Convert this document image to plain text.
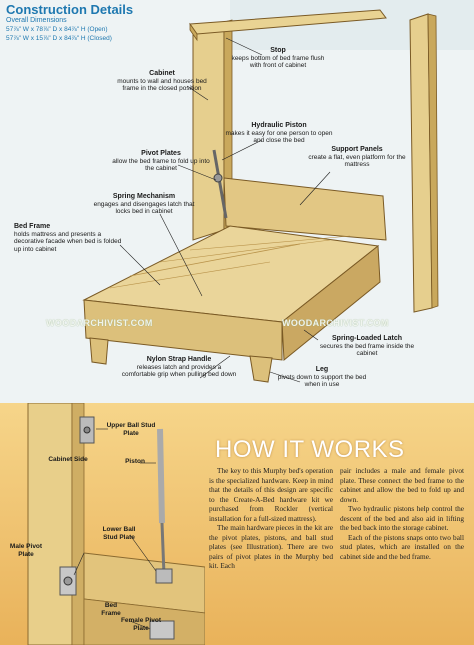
Construction Details
Overall Dimensions
57⅞" W x 78⅞" D x 84⅞" H (Open)
57⅞" W x 15⅞" D x 84⅞" H (Closed)
WOODARCHIVIST.COM	WOODARCHIVIST.COM
Stop
keeps bottom of bed frame flush with front of cabinet
Cabinet
mounts to wall and houses bed frame in the closed position
Hydraulic Piston
makes it easy for one person to open and close the bed
Pivot Plates
allow the bed frame to fold up into the cabinet
Support Panels
create a flat, even platform for the mattress
Spring Mechanism
engages and disengages latch that locks bed in cabinet
Bed Frame
holds mattress and presents a decorative facade when bed is folded up into cabinet
Spring-Loaded Latch
secures the bed frame inside the cabinet
Nylon Strap Handle
releases latch and provides a comfortable grip when pulling bed down
Leg
pivots down to support the bed when in use
Upper Ball Stud Plate
Cabinet Side	Piston
Lower Ball Stud Plate
Male Pivot Plate
Bed Frame
Female Pivot Plate
HOW IT WORKS

The key to this Murphy bed's operation is the specialized hardware. Keep in mind that the details of this design are specific to the Create-A-Bed hardware kit we purchased from Rockler (vertical installation for a full-sized mattress).

The main hardware pieces in the kit are the pivot plates, pistons, and ball stud plates (see Illustration). There are two pairs of pivot plates in the Murphy bed kit. Each

pair includes a male and female pivot plate. These connect the bed frame to the cabinet and allow the bed to fold up and down.

Two hydraulic pistons help control the descent of the bed and also aid in lifting the bed back into the storage cabinet.

Each of the pistons snaps onto two ball stud plates, which are installed on the cabinet side and the bed frame.
